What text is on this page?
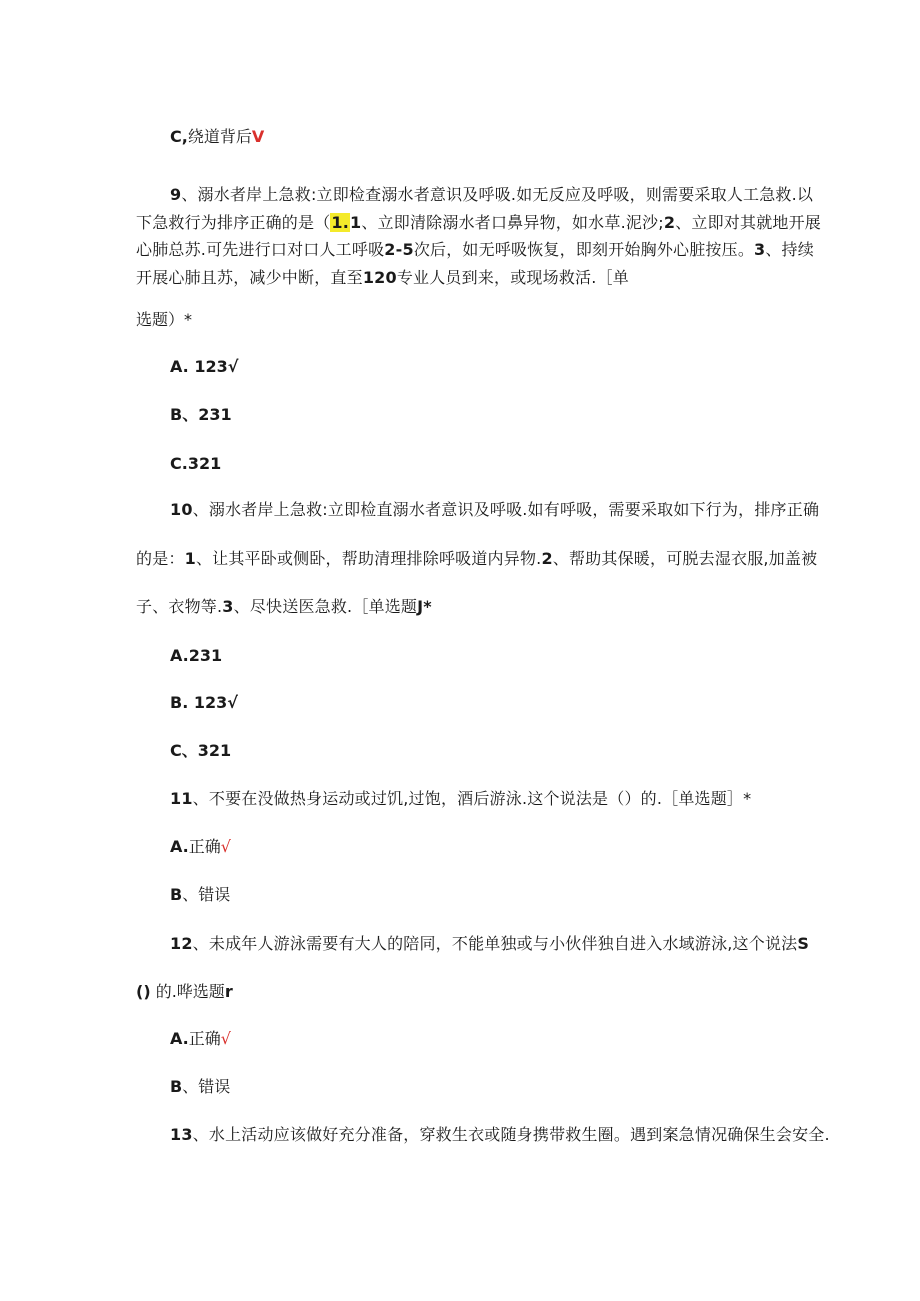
C,绕道背后V
9、溺水者岸上急救:立即检查溺水者意识及呼吸.如无反应及呼吸，则需要采取人工急救.以
下急救行为排序正确的是（1.1、立即清除溺水者口鼻异物，如水草.泥沙;2、立即对其就地开展
心肺总苏.可先进行口对口人工呼吸2-5次后，如无呼吸恢复，即刻开始胸外心脏按压。3、持续
开展心肺且苏，减少中断，直至120专业人员到来，或现场救活.［单
选题）*
A. 123√
B、231
C.321
10、溺水者岸上急救:立即检直溺水者意识及呼吸.如有呼吸，需要采取如下行为，排序正确
的是：1、让其平卧或侧卧，帮助清理排除呼吸道内异物.2、帮助其保暖，可脱去湿衣服,加盖被
子、衣物等.3、尽快送医急救.［单选题J*
A.231
B. 123√
C、321
11、不要在没做热身运动或过饥,过饱，酒后游泳.这个说法是（）的.［单选题］*
A.正确√
B、错误
12、未成年人游泳需要有大人的陪同，不能单独或与小伙伴独自进入水域游泳,这个说法S
() 的.哗选题r
A.正确√
B、错误
13、水上活动应该做好充分准备，穿救生衣或随身携带救生圈。遇到案急情况确保生会安全.
